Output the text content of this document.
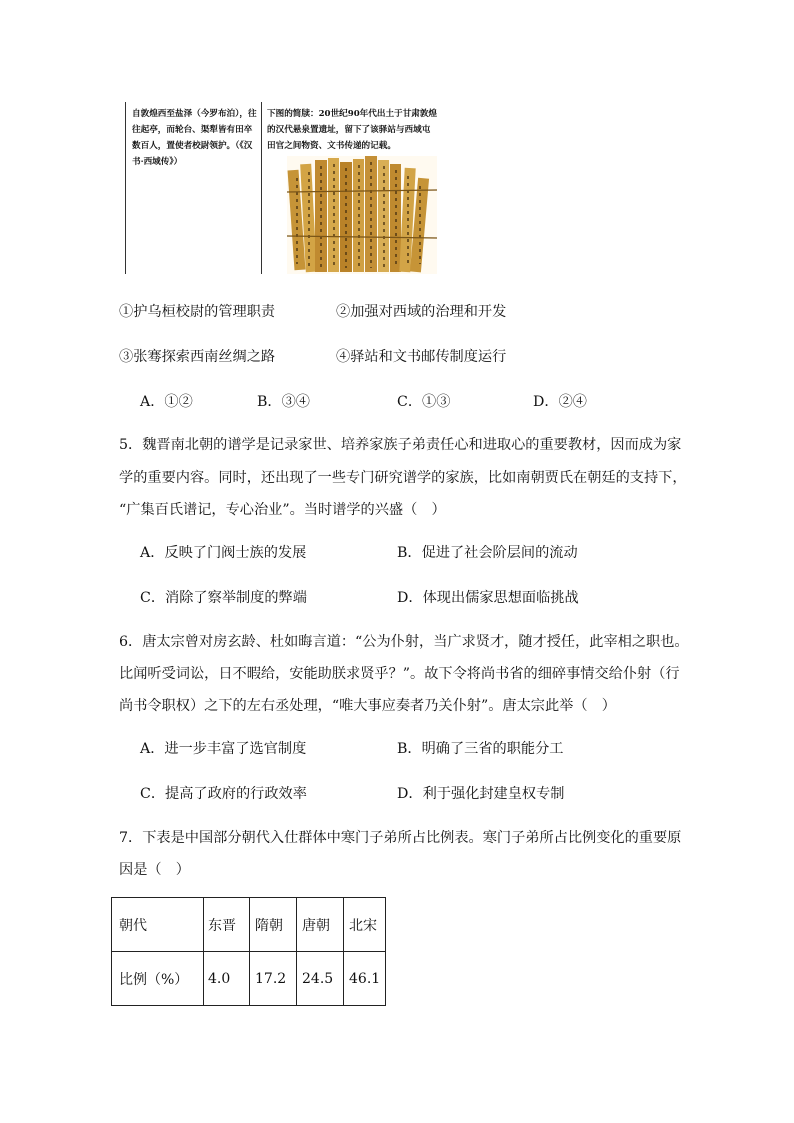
自敦煌西至盐泽（今罗布泊），往往起亭，而轮台、渠犁皆有田卒数百人，置使者校尉领护。（《汉书·西域传》）
下图的简牍：20世纪90年代出土于甘肃敦煌的汉代悬泉置遗址，留下了该驿站与西域屯田官之间物资、文书传递的记载。
①护乌桓校尉的管理职责	②加强对西域的治理和开发
③张骞探索西南丝绸之路	④驿站和文书邮传制度运行
A．①②	B．③④	C．①③	D．②④
5．魏晋南北朝的谱学是记录家世、培养家族子弟责任心和进取心的重要教材，因而成为家
学的重要内容。同时，还出现了一些专门研究谱学的家族，比如南朝贾氏在朝廷的支持下，
“广集百氏谱记，专心治业”。当时谱学的兴盛（　）
A．反映了门阀士族的发展	B．促进了社会阶层间的流动
C．消除了察举制度的弊端	D．体现出儒家思想面临挑战
6．唐太宗曾对房玄龄、杜如晦言道：“公为仆射，当广求贤才，随才授任，此宰相之职也。
比闻听受词讼，日不暇给，安能助朕求贤乎？”。故下令将尚书省的细碎事情交给仆射（行
尚书令职权）之下的左右丞处理，“唯大事应奏者乃关仆射”。唐太宗此举（　）
A．进一步丰富了选官制度	B．明确了三省的职能分工
C．提高了政府的行政效率	D．利于强化封建皇权专制
7．下表是中国部分朝代入仕群体中寒门子弟所占比例表。寒门子弟所占比例变化的重要原
因是（　）
朝代	东晋	隋朝	唐朝	北宋
比例（%）	4.0	17.2	24.5	46.1
